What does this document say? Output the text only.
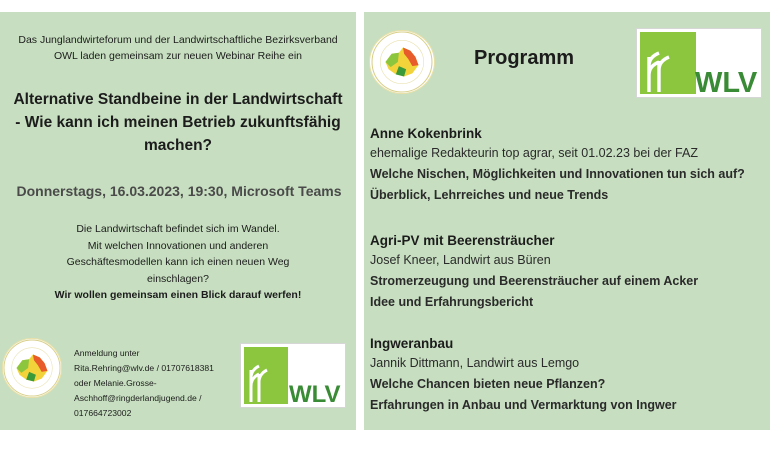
Das Junglandwirteforum und der Landwirtschaftliche Bezirksverband
OWL laden gemeinsam zur neuen Webinar Reihe ein
Alternative Standbeine in der Landwirtschaft
- Wie kann ich meinen Betrieb zukunftsfähig
machen?
Donnerstags, 16.03.2023, 19:30, Microsoft Teams
Die Landwirtschaft befindet sich im Wandel.
Mit welchen Innovationen und anderen
Geschäftesmodellen kann ich einen neuen Weg
einschlagen?
Wir wollen gemeinsam einen Blick darauf werfen!
Anmeldung unter
Rita.Rehring@wlv.de / 01707618381
oder Melanie.Grosse-
Aschhoff@ringderlandjugend.de /
017664723002
WLV
Programm
WLV
Anne Kokenbrink
ehemalige Redakteurin top agrar, seit 01.02.23 bei der FAZ
Welche Nischen, Möglichkeiten und Innovationen tun sich auf?
Überblick, Lehrreiches und neue Trends
Agri-PV mit Beerensträucher
Josef Kneer, Landwirt aus Büren
Stromerzeugung und Beerensträucher auf einem Acker
Idee und Erfahrungsbericht
Ingweranbau
Jannik Dittmann, Landwirt aus Lemgo
Welche Chancen bieten neue Pflanzen?
Erfahrungen in Anbau und Vermarktung von Ingwer
